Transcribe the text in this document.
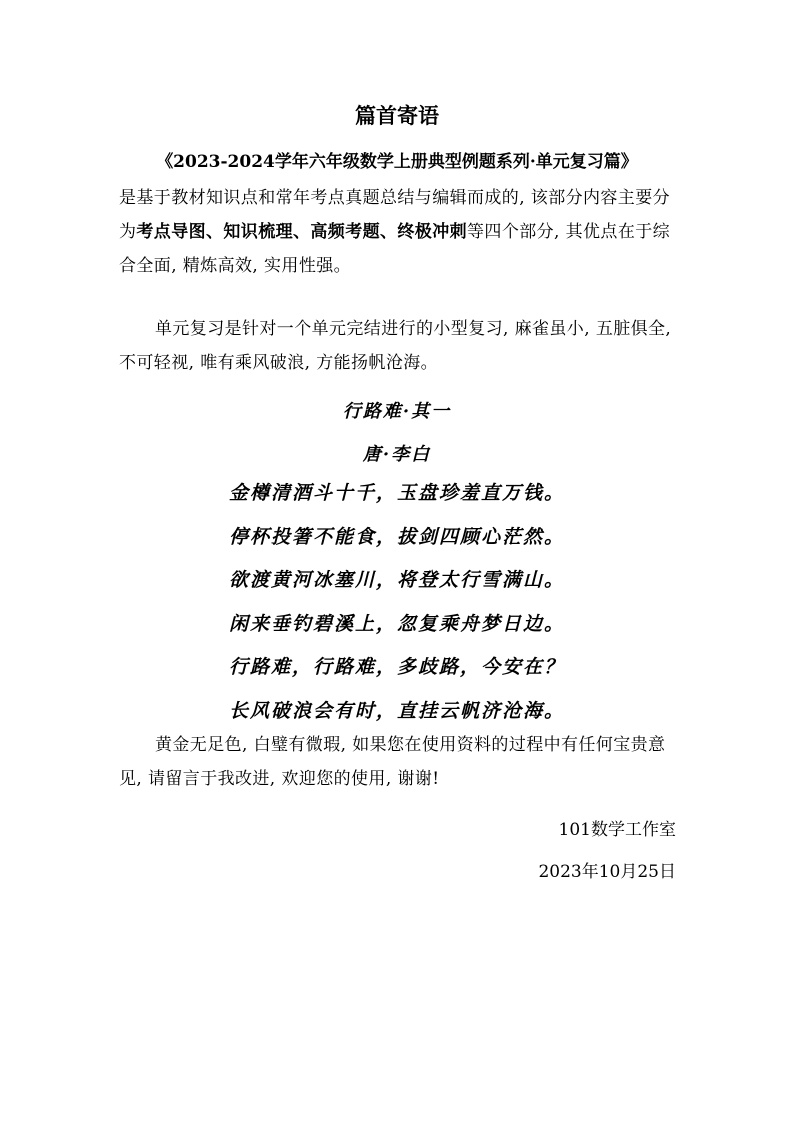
篇首寄语
《2023-2024学年六年级数学上册典型例题系列·单元复习篇》
是基于教材知识点和常年考点真题总结与编辑而成的, 该部分内容主要分为考点导图、知识梳理、高频考题、终极冲刺等四个部分, 其优点在于综合全面, 精炼高效, 实用性强。
单元复习是针对一个单元完结进行的小型复习, 麻雀虽小, 五脏俱全, 不可轻视, 唯有乘风破浪, 方能扬帆沧海。
行路难·其一
唐·李白
金樽清酒斗十千，玉盘珍羞直万钱。
停杯投箸不能食，拔剑四顾心茫然。
欲渡黄河冰塞川，将登太行雪满山。
闲来垂钓碧溪上，忽复乘舟梦日边。
行路难，行路难，多歧路，今安在？
长风破浪会有时，直挂云帆济沧海。
黄金无足色, 白璧有微瑕, 如果您在使用资料的过程中有任何宝贵意见, 请留言于我改进, 欢迎您的使用, 谢谢!
101数学工作室
2023年10月25日
